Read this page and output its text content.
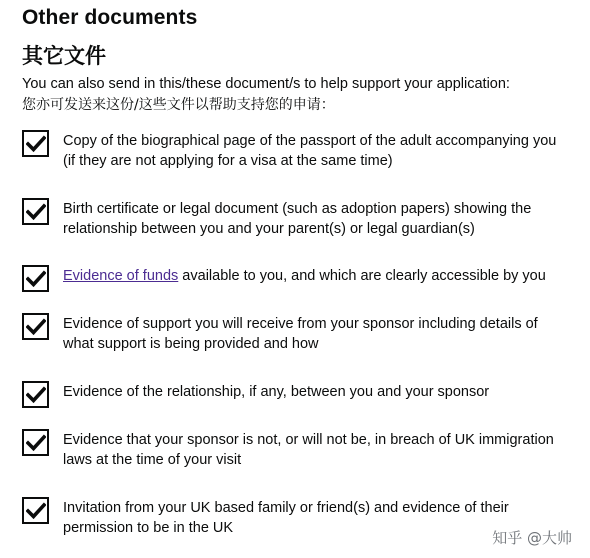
Other documents
其它文件
You can also send in this/these document/s to help support your application:
您亦可发送来这份/这些文件以帮助支持您的申请：
Copy of the biographical page of the passport of the adult accompanying you (if they are not applying for a visa at the same time)
Birth certificate or legal document (such as adoption papers) showing the relationship between you and your parent(s) or legal guardian(s)
Evidence of funds available to you, and which are clearly accessible by you
Evidence of support you will receive from your sponsor including details of what support is being provided and how
Evidence of the relationship, if any, between you and your sponsor
Evidence that your sponsor is not, or will not be, in breach of UK immigration laws at the time of your visit
Invitation from your UK based family or friend(s) and evidence of their permission to be in the UK
知乎 @大帅
